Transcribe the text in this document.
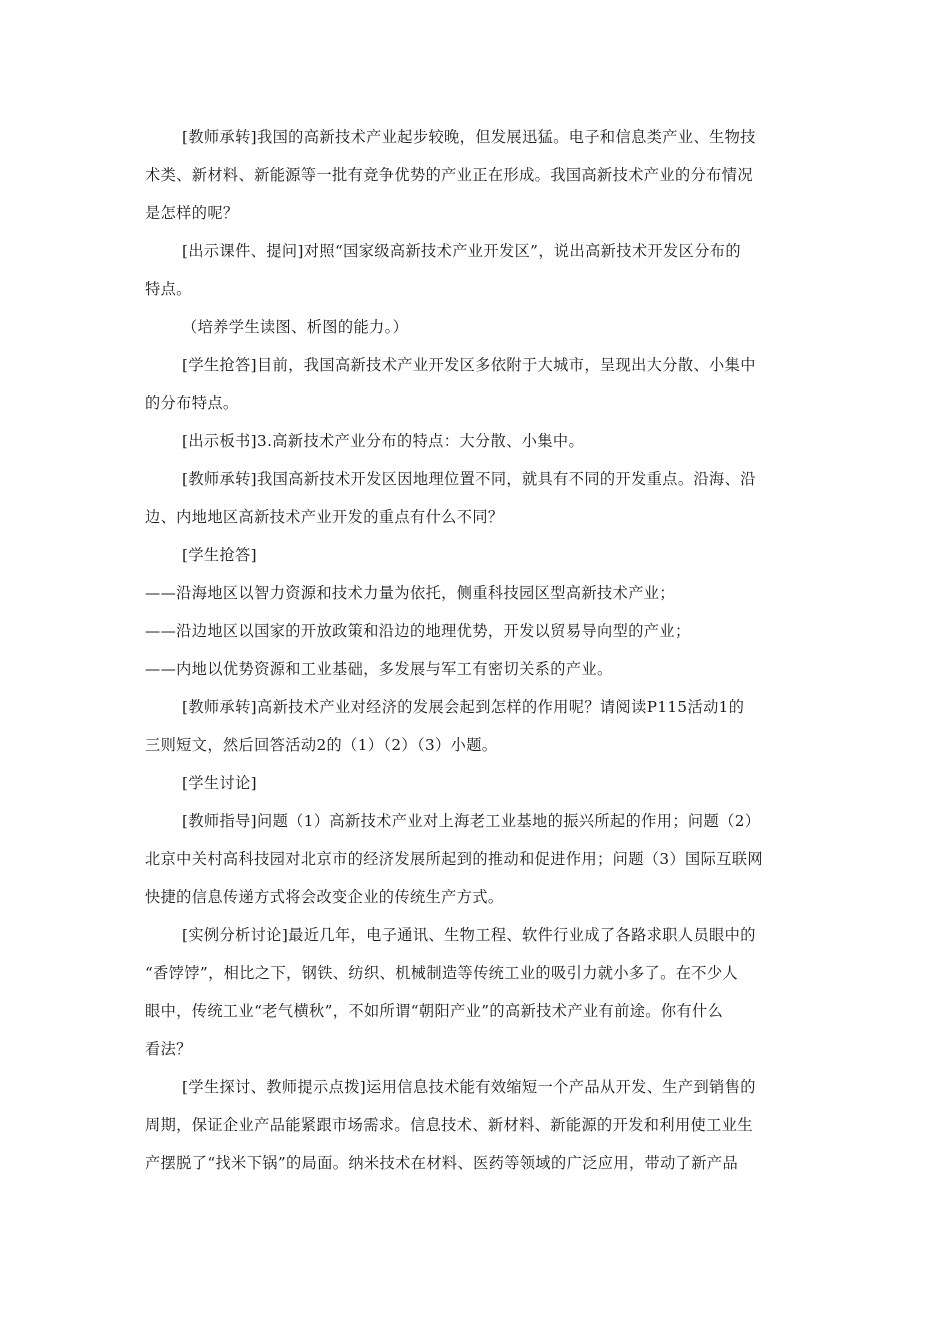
[教师承转]我国的高新技术产业起步较晚，但发展迅猛。电子和信息类产业、生物技
术类、新材料、新能源等一批有竞争优势的产业正在形成。我国高新技术产业的分布情况
是怎样的呢？
[出示课件、提问]对照“国家级高新技术产业开发区”，说出高新技术开发区分布的
特点。
（培养学生读图、析图的能力。）
[学生抢答]目前，我国高新技术产业开发区多依附于大城市，呈现出大分散、小集中
的分布特点。
[出示板书]3.高新技术产业分布的特点：大分散、小集中。
[教师承转]我国高新技术开发区因地理位置不同，就具有不同的开发重点。沿海、沿
边、内地地区高新技术产业开发的重点有什么不同？
[学生抢答]
——沿海地区以智力资源和技术力量为依托，侧重科技园区型高新技术产业；
——沿边地区以国家的开放政策和沿边的地理优势，开发以贸易导向型的产业；
——内地以优势资源和工业基础，多发展与军工有密切关系的产业。
[教师承转]高新技术产业对经济的发展会起到怎样的作用呢？请阅读P115活动1的
三则短文，然后回答活动2的（1）（2）（3）小题。
[学生讨论]
[教师指导]问题（1）高新技术产业对上海老工业基地的振兴所起的作用；问题（2）
北京中关村高科技园对北京市的经济发展所起到的推动和促进作用；问题（3）国际互联网
快捷的信息传递方式将会改变企业的传统生产方式。
[实例分析讨论]最近几年，电子通讯、生物工程、软件行业成了各路求职人员眼中的
“香饽饽”，相比之下，钢铁、纺织、机械制造等传统工业的吸引力就小多了。在不少人
眼中，传统工业“老气横秋”，不如所谓“朝阳产业”的高新技术产业有前途。你有什么
看法？
[学生探讨、教师提示点拨]运用信息技术能有效缩短一个产品从开发、生产到销售的
周期，保证企业产品能紧跟市场需求。信息技术、新材料、新能源的开发和利用使工业生
产摆脱了“找米下锅”的局面。纳米技术在材料、医药等领域的广泛应用，带动了新产品
